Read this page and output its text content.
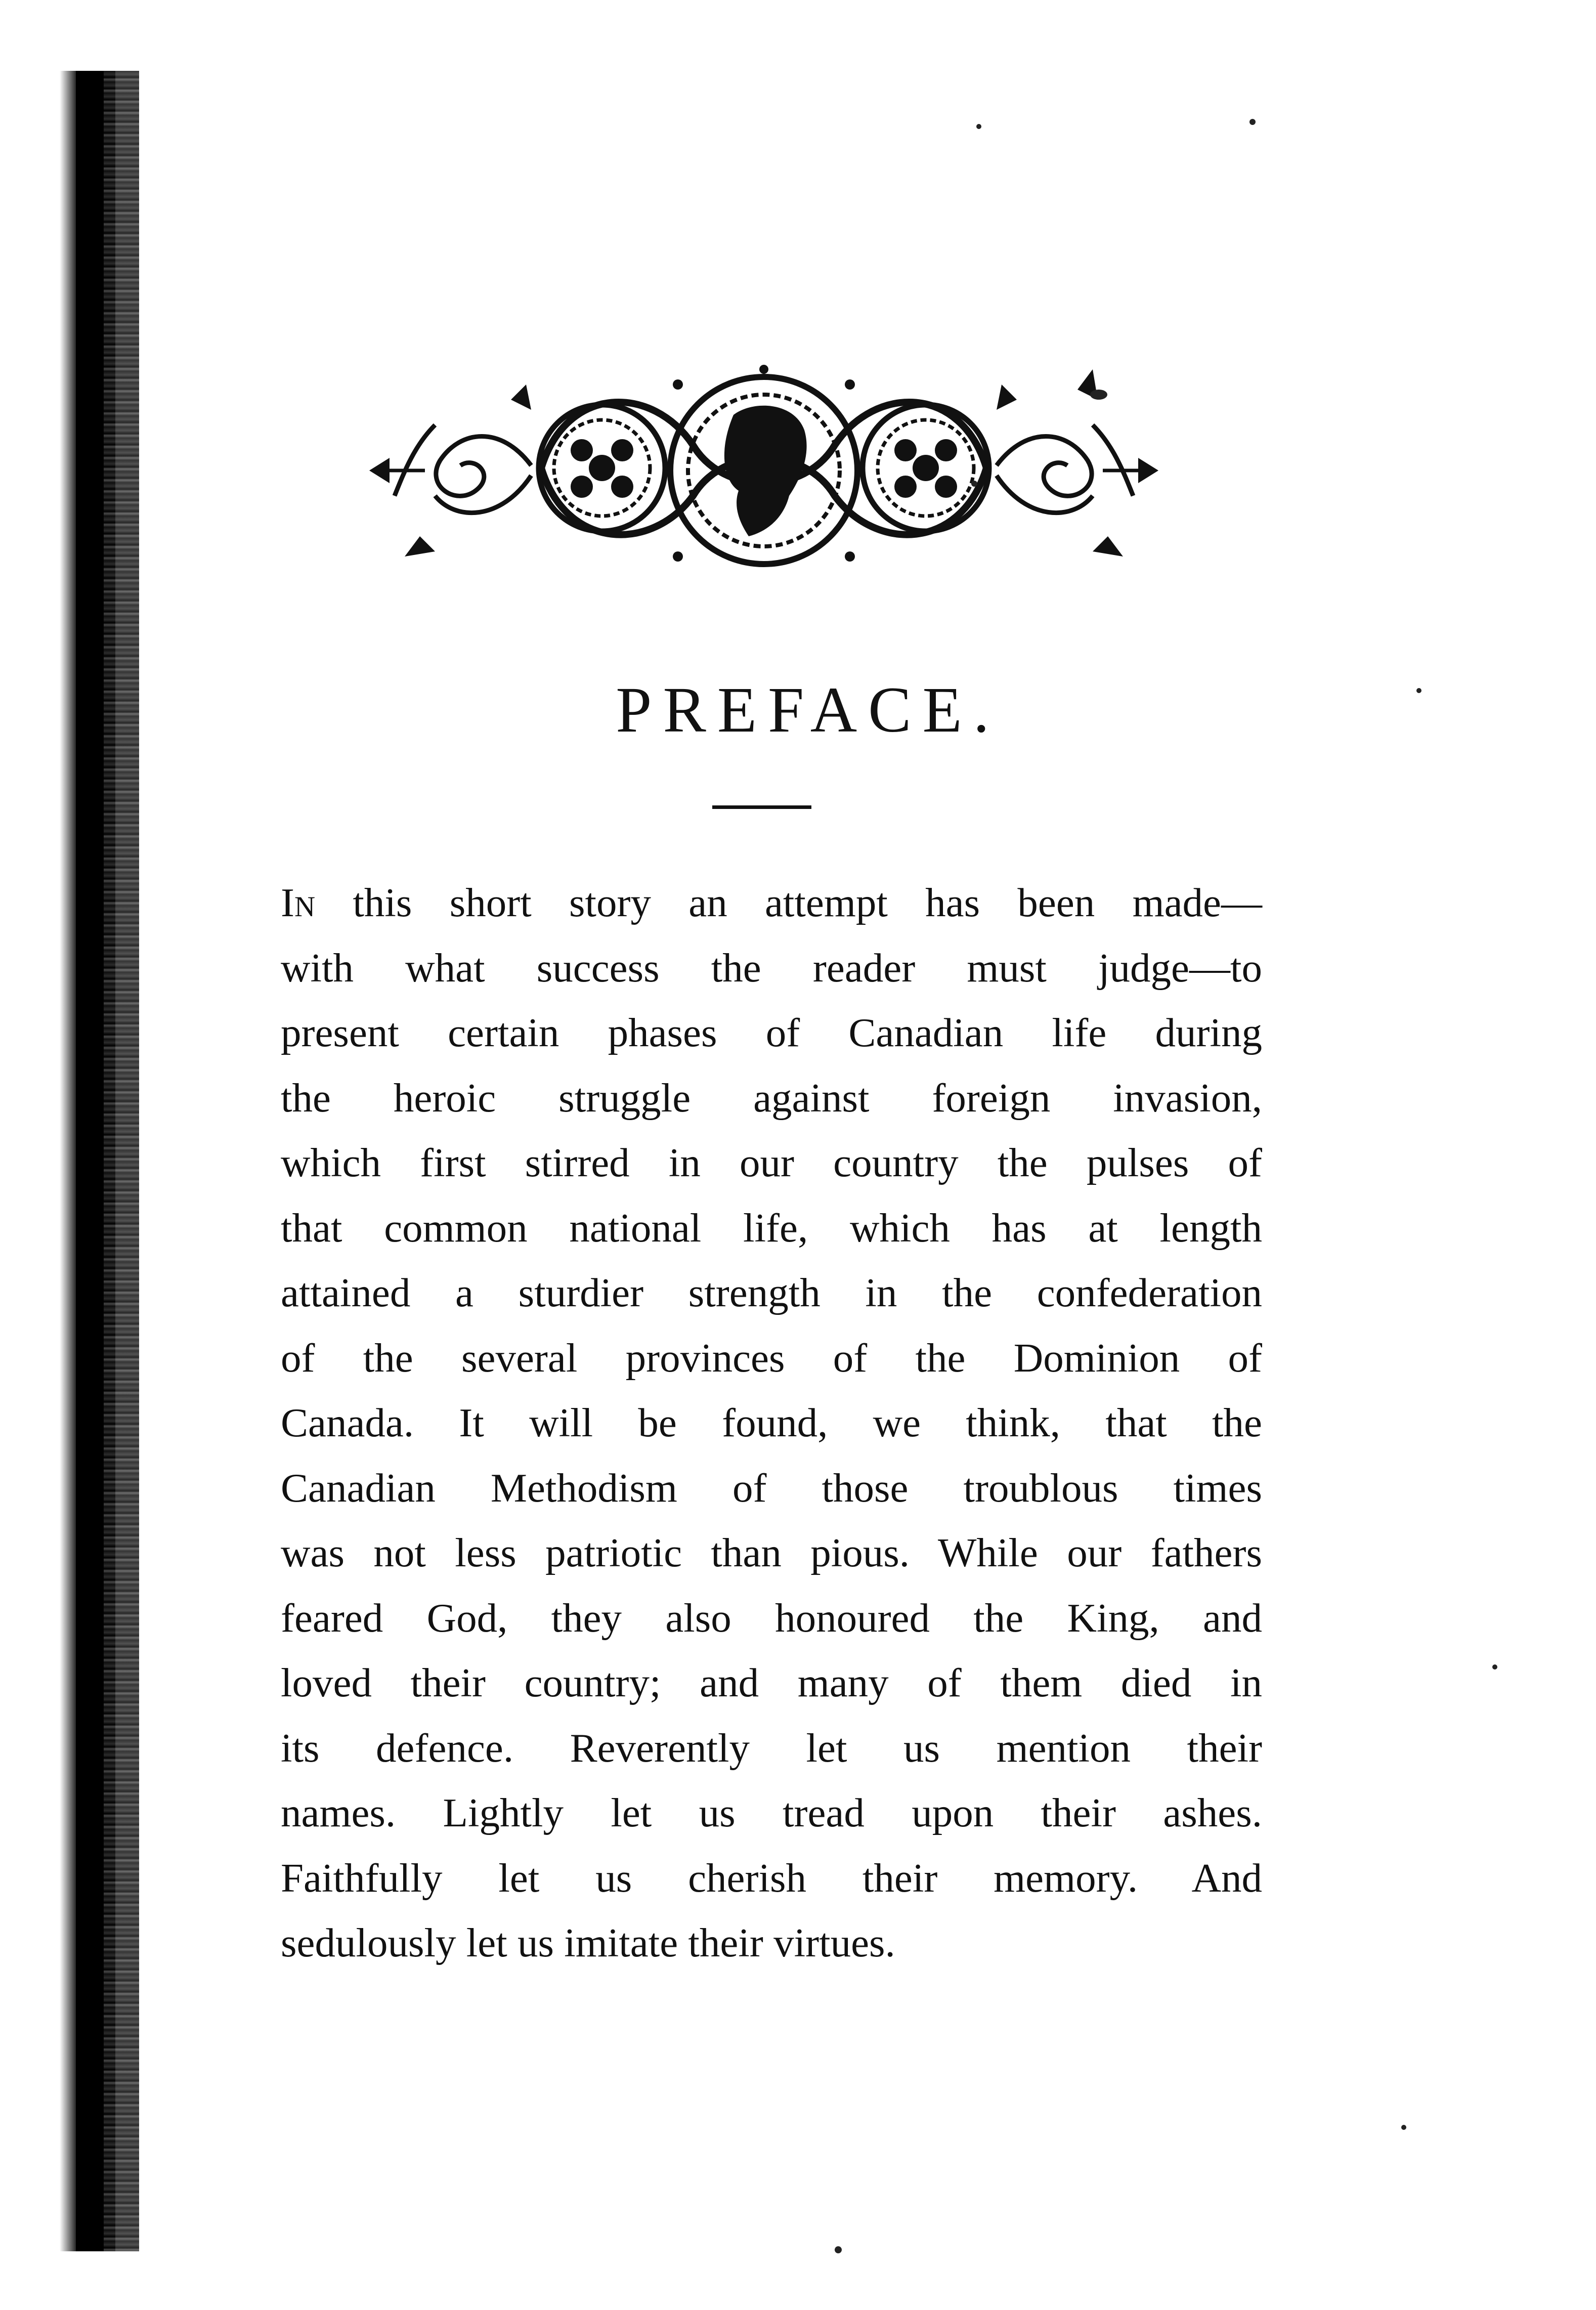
PREFACE.
In this short story an attempt has been made—
with what success the reader must judge—to
present certain phases of Canadian life during
the heroic struggle against foreign invasion,
which first stirred in our country the pulses of
that common national life, which has at length
attained a sturdier strength in the confederation
of the several provinces of the Dominion of
Canada. It will be found, we think, that the
Canadian Methodism of those troublous times
was not less patriotic than pious. While our fathers
feared God, they also honoured the King, and
loved their country; and many of them died in
its defence. Reverently let us mention their
names. Lightly let us tread upon their ashes.
Faithfully let us cherish their memory. And
sedulously let us imitate their virtues.
